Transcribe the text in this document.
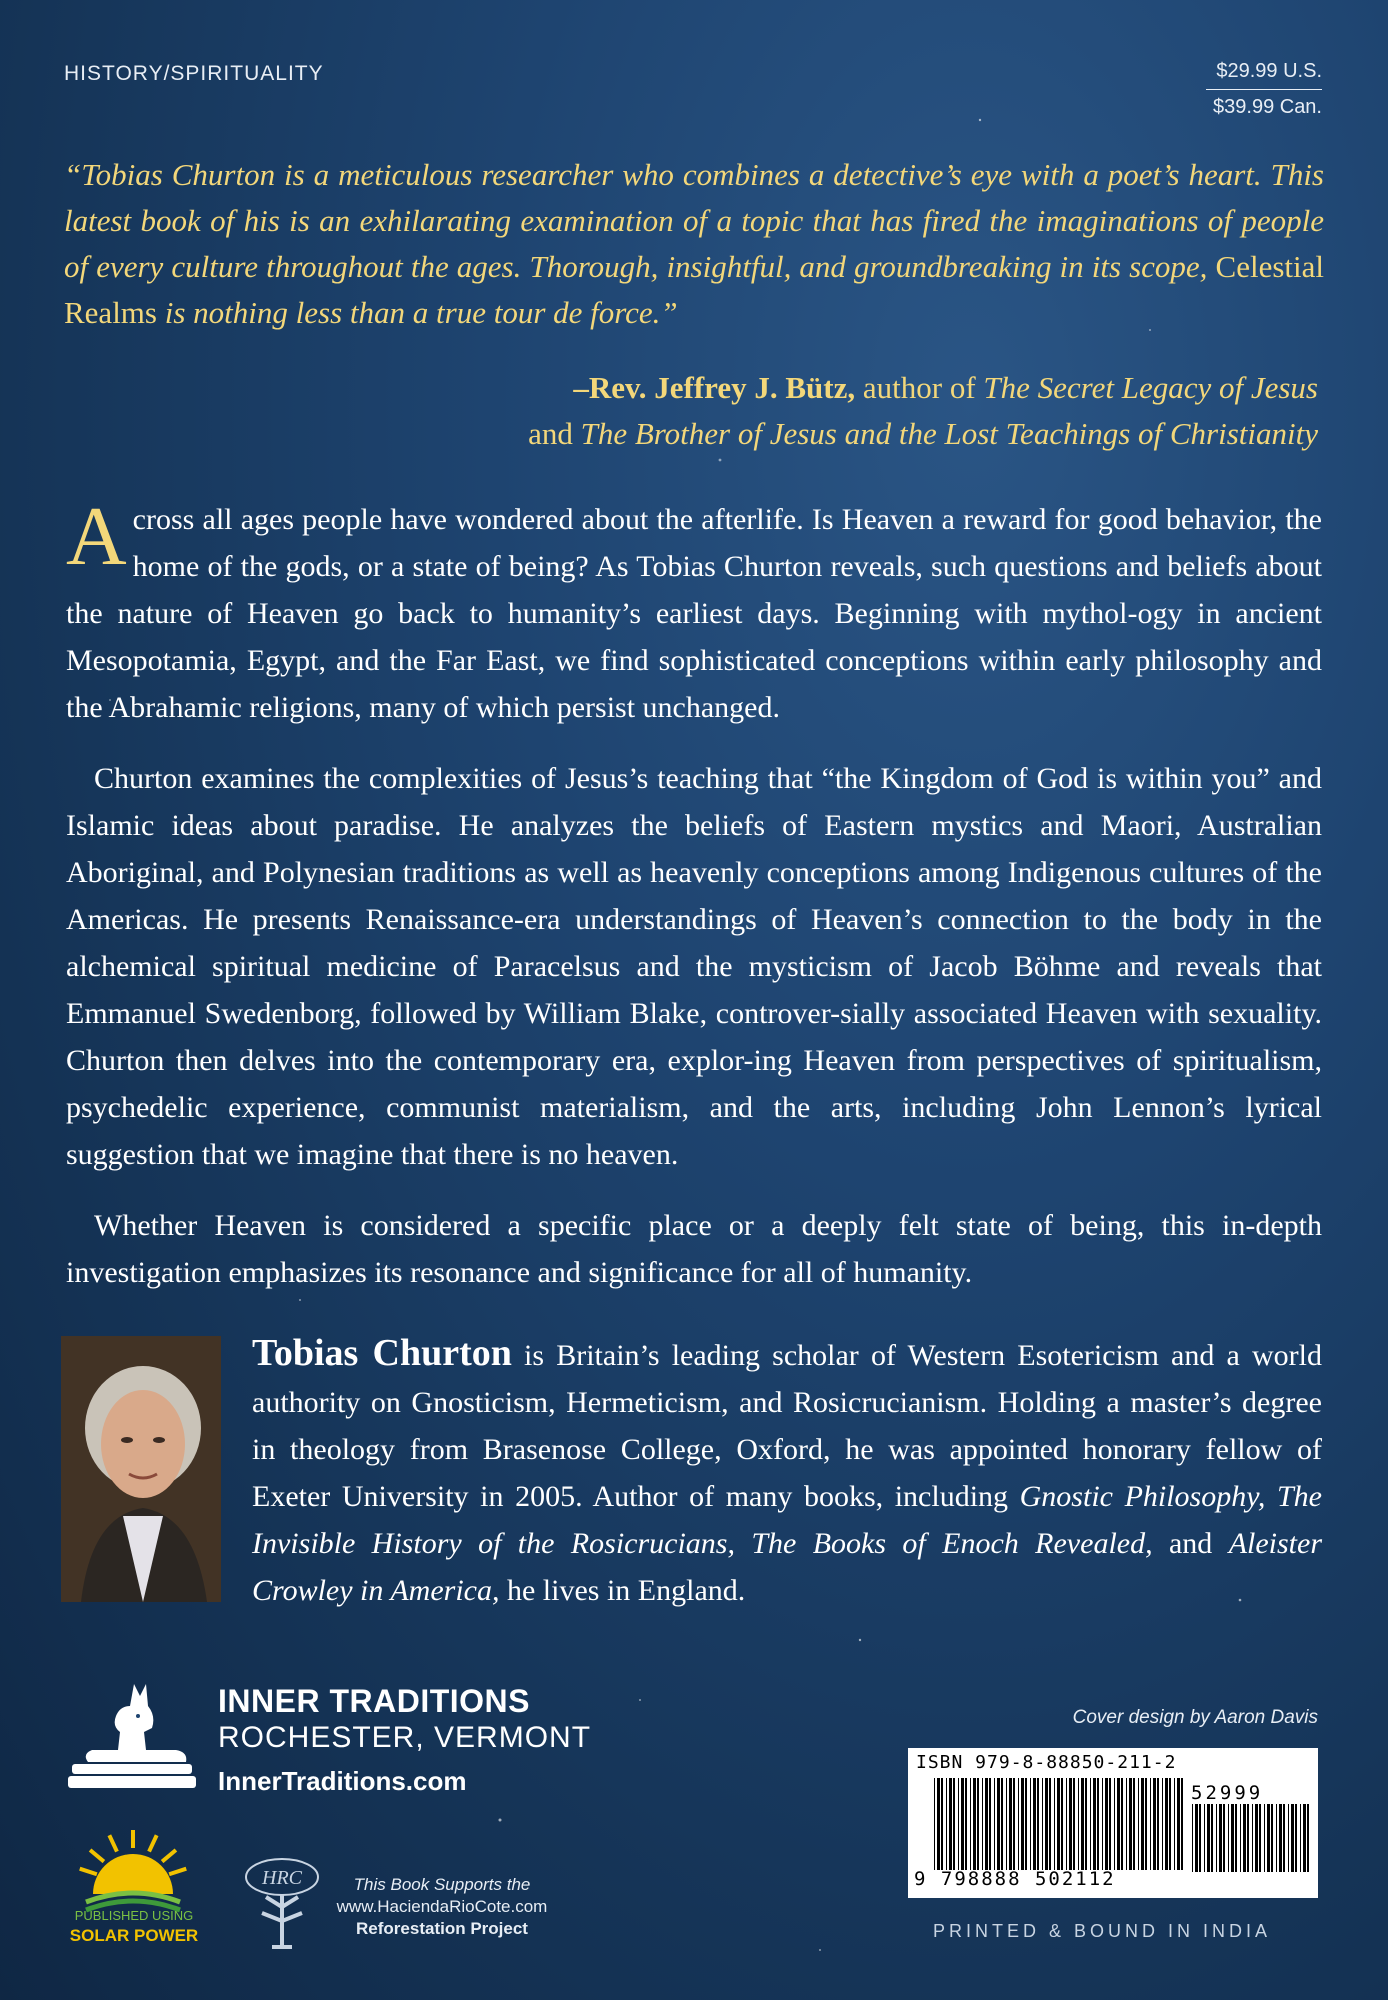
HISTORY/SPIRITUALITY	$29.99 U.S.
$39.99 Can.
“Tobias Churton is a meticulous researcher who combines a detective’s eye with a poet’s heart. This latest book of his is an exhilarating examination of a topic that has fired the imaginations of people of every culture throughout the ages. Thorough, insightful, and groundbreaking in its scope, Celestial Realms is nothing less than a true tour de force.”
–Rev. Jeffrey J. Bütz, author of The Secret Legacy of Jesus
and The Brother of Jesus and the Lost Teachings of Christianity
Across all ages people have wondered about the afterlife. Is Heaven a reward for good behavior, the home of the gods, or a state of being? As Tobias Churton reveals, such questions and beliefs about the nature of Heaven go back to humanity’s earliest days. Beginning with mythol-ogy in ancient Mesopotamia, Egypt, and the Far East, we find sophisticated conceptions within early philosophy and the Abrahamic religions, many of which persist unchanged.
Churton examines the complexities of Jesus’s teaching that “the Kingdom of God is within you” and Islamic ideas about paradise. He analyzes the beliefs of Eastern mystics and Maori, Australian Aboriginal, and Polynesian traditions as well as heavenly conceptions among Indigenous cultures of the Americas. He presents Renaissance-era understandings of Heaven’s connection to the body in the alchemical spiritual medicine of Paracelsus and the mysticism of Jacob Böhme and reveals that Emmanuel Swedenborg, followed by William Blake, controver-sially associated Heaven with sexuality. Churton then delves into the contemporary era, explor-ing Heaven from perspectives of spiritualism, psychedelic experience, communist materialism, and the arts, including John Lennon’s lyrical suggestion that we imagine that there is no heaven.
Whether Heaven is considered a specific place or a deeply felt state of being, this in-depth investigation emphasizes its resonance and significance for all of humanity.
Tobias Churton is Britain’s leading scholar of Western Esotericism and a world authority on Gnosticism, Hermeticism, and Rosicrucianism. Holding a master’s degree in theology from Brasenose College, Oxford, he was appointed honorary fellow of Exeter University in 2005. Author of many books, including Gnostic Philosophy, The Invisible History of the Rosicrucians, The Books of Enoch Revealed, and Aleister Crowley in America, he lives in England.
INNER TRADITIONS
ROCHESTER, VERMONT
InnerTraditions.com
Cover design by Aaron Davis
ISBN 979-8-88850-211-2
52999
9 798888 502112
PRINTED & BOUND IN INDIA
PUBLISHED USING
SOLAR POWER
HRC	This Book Supports the
www.HaciendaRioCote.com
Reforestation Project
